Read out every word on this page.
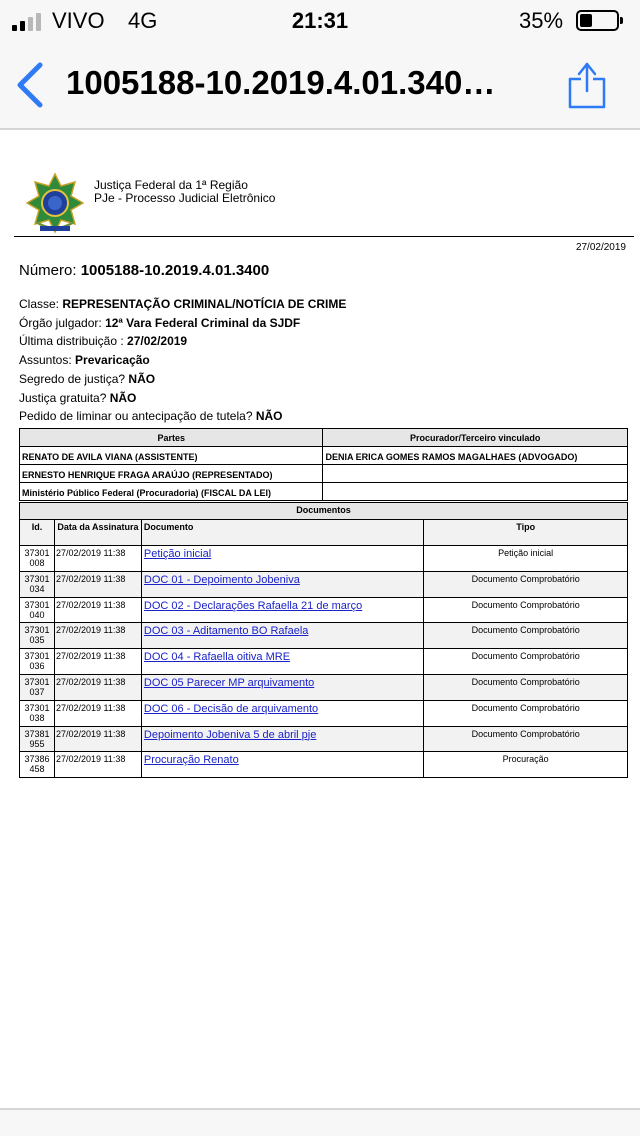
VIVO 4G	21:31	35%
1005188-10.2019.4.01.340…
Justiça Federal da 1ª Região
PJe - Processo Judicial Eletrônico
27/02/2019
Número: 1005188-10.2019.4.01.3400
Classe: REPRESENTAÇÃO CRIMINAL/NOTÍCIA DE CRIME
Órgão julgador: 12ª Vara Federal Criminal da SJDF
Última distribuição : 27/02/2019
Assuntos: Prevaricação
Segredo de justiça? NÃO
Justiça gratuita? NÃO
Pedido de liminar ou antecipação de tutela? NÃO
Partes	Procurador/Terceiro vinculado
RENATO DE AVILA VIANA (ASSISTENTE)	DENIA ERICA GOMES RAMOS MAGALHAES (ADVOGADO)
ERNESTO HENRIQUE FRAGA ARAÚJO (REPRESENTADO)	
Ministério Público Federal (Procuradoria) (FISCAL DA LEI)	
Documentos			
Id.	Data da Assinatura	Documento	Tipo
37301
008	27/02/2019 11:38	Petição inicial	Petição inicial
37301
034	27/02/2019 11:38	DOC 01 - Depoimento Jobeniva	Documento Comprobatório
37301
040	27/02/2019 11:38	DOC 02 - Declarações Rafaella 21 de março	Documento Comprobatório
37301
035	27/02/2019 11:38	DOC 03 - Aditamento BO Rafaela	Documento Comprobatório
37301
036	27/02/2019 11:38	DOC 04 - Rafaella oitiva MRE	Documento Comprobatório
37301
037	27/02/2019 11:38	DOC 05 Parecer MP arquivamento	Documento Comprobatório
37301
038	27/02/2019 11:38	DOC 06 - Decisão de arquivamento	Documento Comprobatório
37381
955	27/02/2019 11:38	Depoimento Jobeniva 5 de abril pje	Documento Comprobatório
37386
458	27/02/2019 11:38	Procuração Renato	Procuração
